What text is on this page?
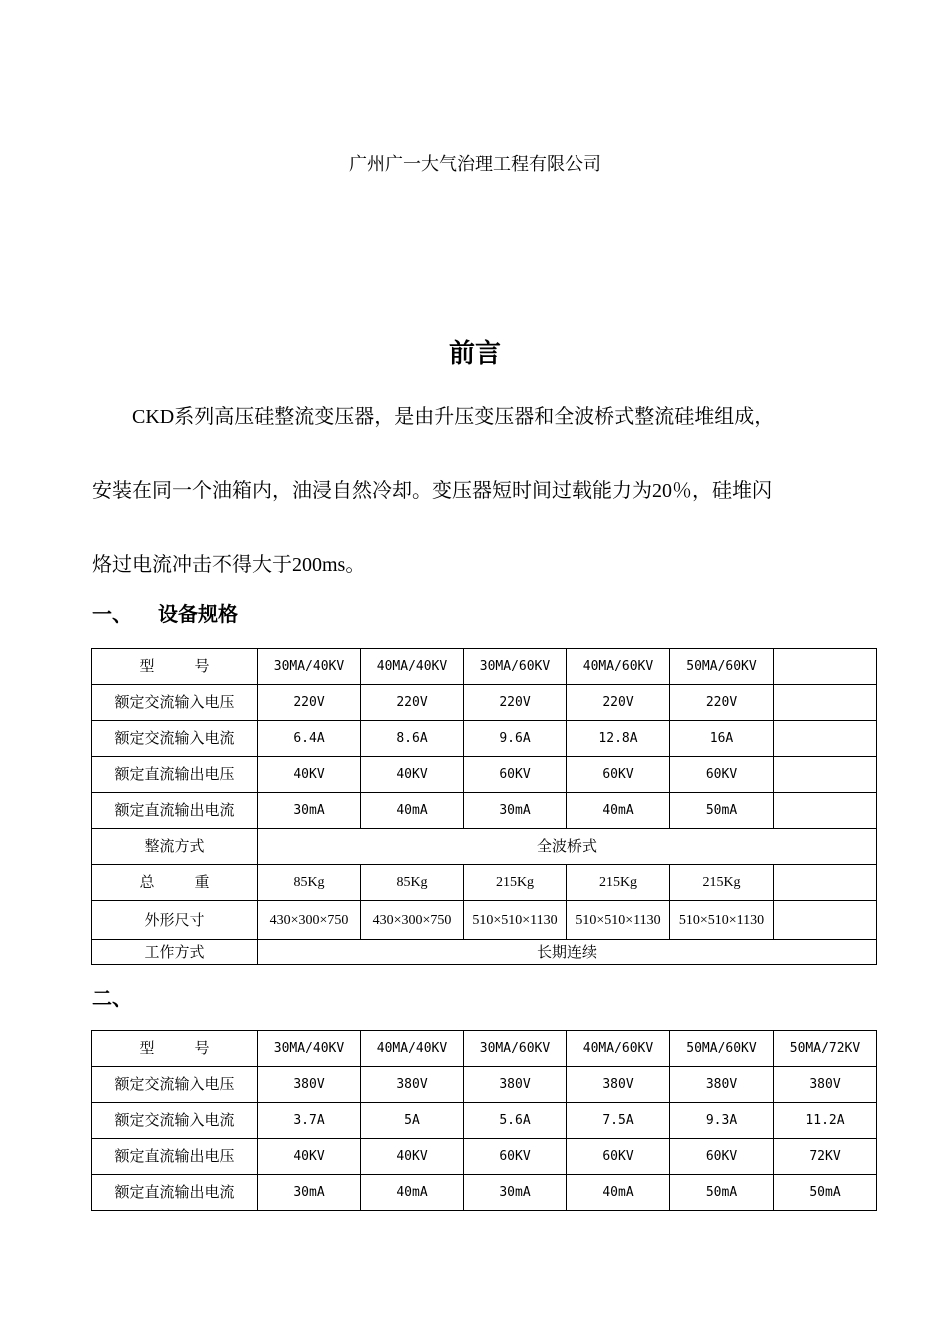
广州广一大气治理工程有限公司
前言

　　CKD系列高压硅整流变压器，是由升压变压器和全波桥式整流硅堆组成，

安装在同一个油箱内，油浸自然冷却。变压器短时间过载能力为20％，硅堆闪

烙过电流冲击不得大于200ms。

一、 设备规格
型 号	30MA/40KV	40MA/40KV	30MA/60KV	40MA/60KV	50MA/60KV	
额定交流输入电压	220V	220V	220V	220V	220V	
额定交流输入电流	6.4A	8.6A	9.6A	12.8A	16A	
额定直流输出电压	40KV	40KV	60KV	60KV	60KV	
额定直流输出电流	30mA	40mA	30mA	40mA	50mA	
整流方式	全波桥式					
总 重	85Kg	85Kg	215Kg	215Kg	215Kg	
外形尺寸	430×300×750	430×300×750	510×510×1130	510×510×1130	510×510×1130	
工作方式	长期连续					
二、
型 号	30MA/40KV	40MA/40KV	30MA/60KV	40MA/60KV	50MA/60KV	50MA/72KV
额定交流输入电压	380V	380V	380V	380V	380V	380V
额定交流输入电流	3.7A	5A	5.6A	7.5A	9.3A	11.2A
额定直流输出电压	40KV	40KV	60KV	60KV	60KV	72KV
额定直流输出电流	30mA	40mA	30mA	40mA	50mA	50mA
